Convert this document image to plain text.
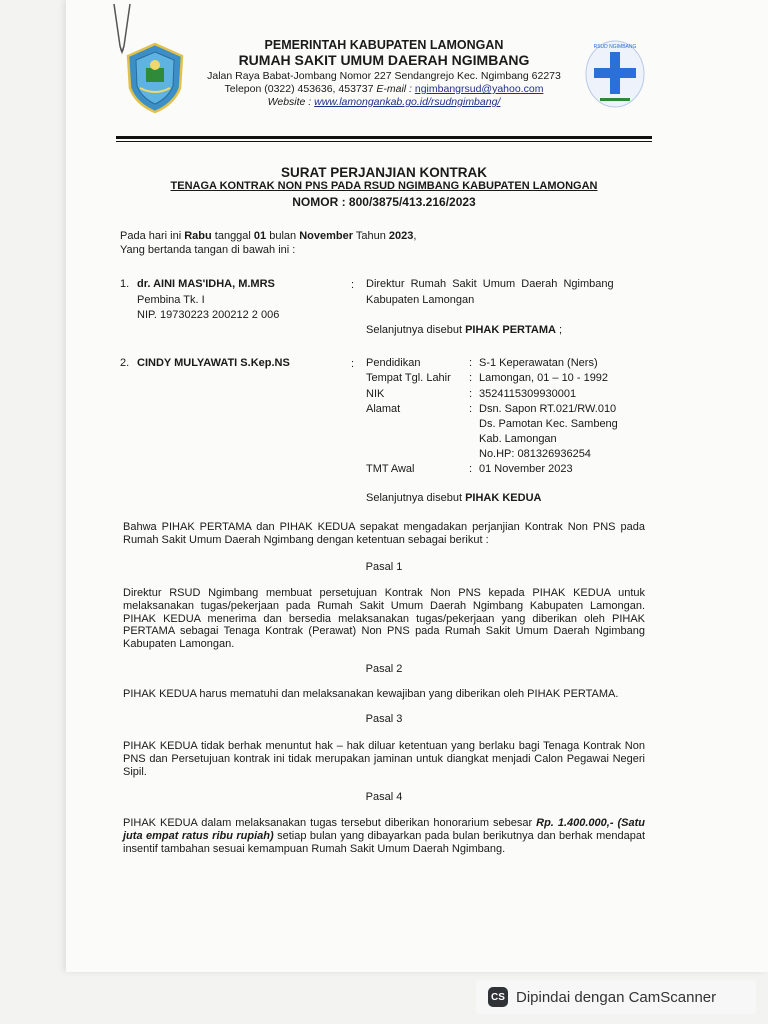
RSUD NGIMBANG
PEMERINTAH KABUPATEN LAMONGAN
RUMAH SAKIT UMUM DAERAH NGIMBANG
Jalan Raya Babat-Jombang Nomor 227 Sendangrejo Kec. Ngimbang 62273
Telepon (0322) 453636, 453737 E-mail : ngimbangrsud@yahoo.com
Website : www.lamongankab.go.id/rsudngimbang/
SURAT PERJANJIAN KONTRAK
TENAGA KONTRAK NON PNS PADA RSUD NGIMBANG KABUPATEN LAMONGAN
NOMOR : 800/3875/413.216/2023
Pada hari ini Rabu tanggal 01 bulan November Tahun 2023,
Yang bertanda tangan di bawah ini :
1. dr. AINI MAS'IDHA, M.MRS
Pembina Tk. I
NIP. 19730223 200212 2 006
: Direktur  Rumah  Sakit  Umum  Daerah  Ngimbang
Kabupaten Lamongan
Selanjutnya disebut PIHAK PERTAMA ;
2. CINDY MULYAWATI S.Kep.NS	: Pendidikan	: S-1 Keperawatan (Ners)
Tempat Tgl. Lahir : Lamongan, 01 – 10 - 1992
NIK	: 3524115309930001
Alamat	: Dsn. Sapon RT.021/RW.010
Ds. Pamotan Kec. Sambeng
Kab. Lamongan
No.HP: 081326936254
TMT Awal	: 01 November 2023
Selanjutnya disebut PIHAK KEDUA
Bahwa PIHAK PERTAMA dan PIHAK KEDUA sepakat mengadakan perjanjian Kontrak Non PNS pada Rumah Sakit Umum Daerah Ngimbang dengan ketentuan sebagai berikut :
Pasal 1
Direktur RSUD Ngimbang membuat persetujuan Kontrak Non PNS kepada PIHAK KEDUA untuk melaksanakan tugas/pekerjaan pada Rumah Sakit Umum Daerah Ngimbang Kabupaten Lamongan. PIHAK KEDUA menerima dan bersedia melaksanakan tugas/pekerjaan yang diberikan oleh PIHAK PERTAMA sebagai Tenaga Kontrak (Perawat) Non PNS pada Rumah Sakit Umum Daerah Ngimbang Kabupaten Lamongan.
Pasal 2
PIHAK KEDUA harus mematuhi dan melaksanakan kewajiban yang diberikan oleh PIHAK PERTAMA.
Pasal 3
PIHAK KEDUA tidak berhak menuntut hak – hak diluar ketentuan yang berlaku bagi Tenaga Kontrak Non PNS dan Persetujuan kontrak ini tidak merupakan jaminan untuk diangkat menjadi Calon Pegawai Negeri Sipil.
Pasal 4
PIHAK KEDUA dalam melaksanakan tugas tersebut diberikan honorarium sebesar Rp. 1.400.000,- (Satu juta empat ratus ribu rupiah) setiap bulan yang dibayarkan pada bulan berikutnya dan berhak mendapat insentif tambahan sesuai kemampuan Rumah Sakit Umum Daerah Ngimbang.
CS Dipindai dengan CamScanner
